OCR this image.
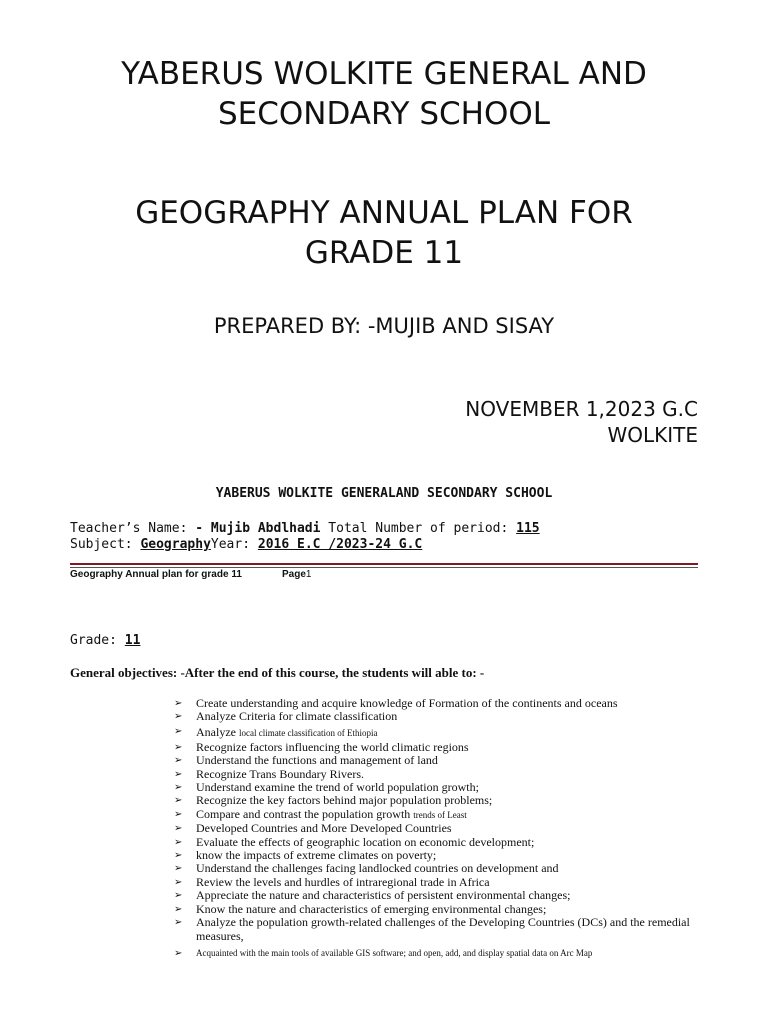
YABERUS WOLKITE GENERAL AND
SECONDARY SCHOOL
GEOGRAPHY ANNUAL PLAN FOR
GRADE 11
PREPARED BY: -MUJIB AND SISAY
NOVEMBER 1,2023 G.C
WOLKITE
YABERUS WOLKITE GENERALAND SECONDARY SCHOOL
Teacher’s Name: - Mujib Abdlhadi Total Number of period: 115
Subject: GeographyYear: 2016 E.C /2023-24 G.C
Geography Annual plan for grade 11	Page1
Grade: 11
General objectives: -After the end of this course, the students will able to: -
➢ Create understanding and acquire knowledge of Formation of the continents and oceans
➢ Analyze Criteria for climate classification
➢ Analyze local climate classification of Ethiopia
➢ Recognize factors influencing the world climatic regions
➢ Understand the functions and management of land
➢ Recognize Trans Boundary Rivers.
➢ Understand examine the trend of world population growth;
➢ Recognize the key factors behind major population problems;
➢ Compare and contrast the population growth trends of Least
➢ Developed Countries and More Developed Countries
➢ Evaluate the effects of geographic location on economic development;
➢ know the impacts of extreme climates on poverty;
➢ Understand the challenges facing landlocked countries on development and
➢ Review the levels and hurdles of intraregional trade in Africa
➢ Appreciate the nature and characteristics of persistent environmental changes;
➢ Know the nature and characteristics of emerging environmental changes;
➢ Analyze the population growth-related challenges of the Developing Countries (DCs) and the remedial measures,
➢ Acquainted with the main tools of available GIS software; and open, add, and display spatial data on Arc Map
